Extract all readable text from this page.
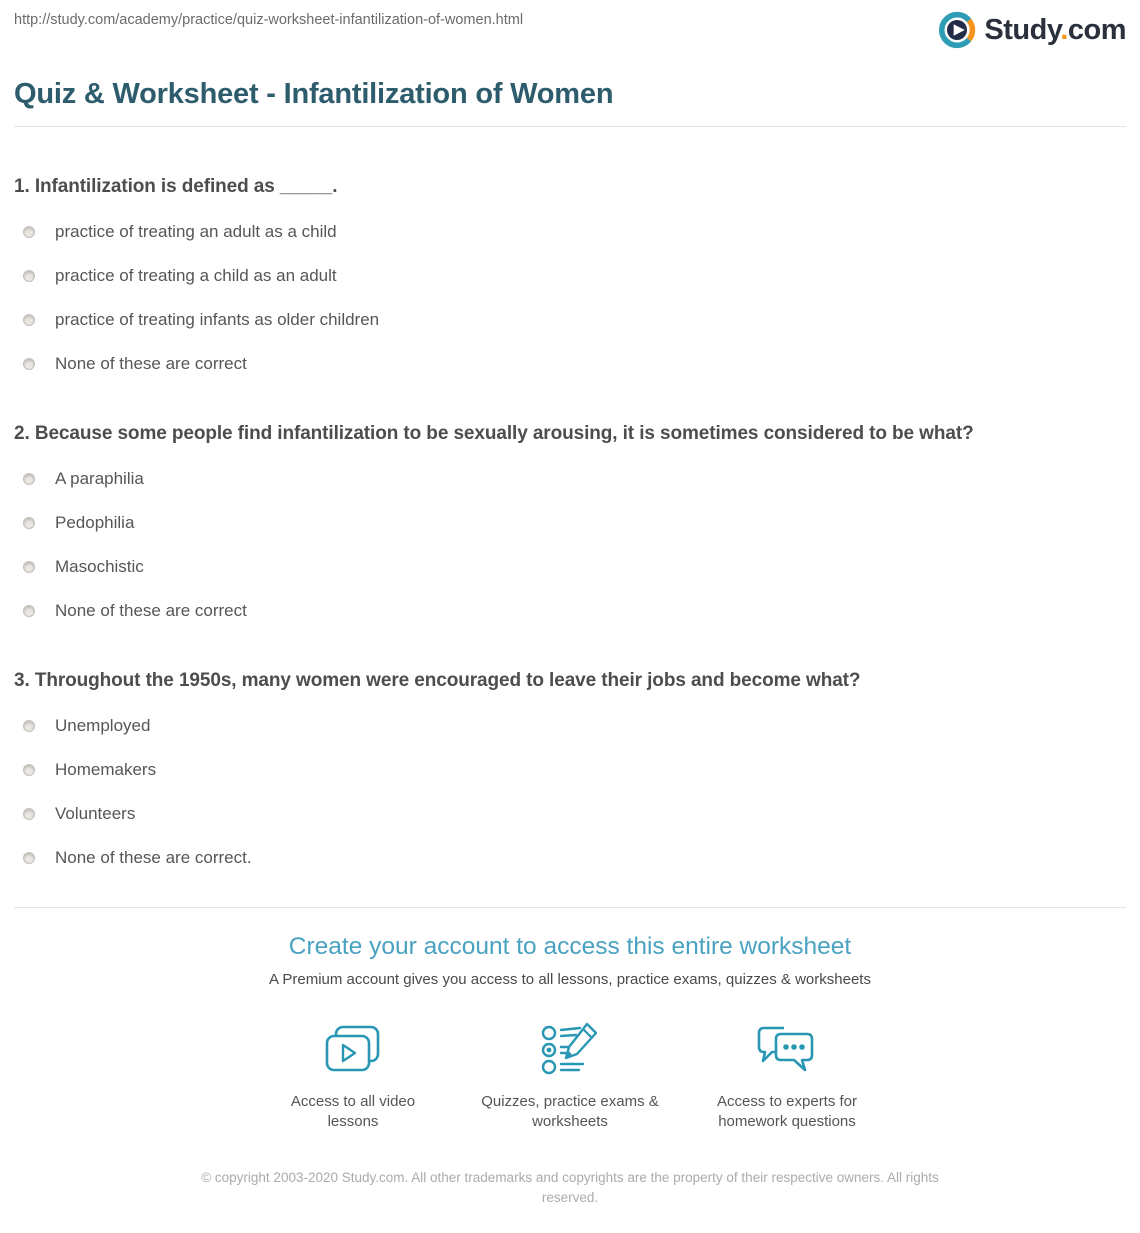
http://study.com/academy/practice/quiz-worksheet-infantilization-of-women.html	Study.com
Quiz & Worksheet - Infantilization of Women

1. Infantilization is defined as _____.

practice of treating an adult as a child
practice of treating a child as an adult
practice of treating infants as older children
None of these are correct

2. Because some people find infantilization to be sexually arousing, it is sometimes considered to be what?

A paraphilia
Pedophilia
Masochistic
None of these are correct

3. Throughout the 1950s, many women were encouraged to leave their jobs and become what?

Unemployed
Homemakers
Volunteers
None of these are correct.
Create your account to access this entire worksheet

A Premium account gives you access to all lessons, practice exams, quizzes & worksheets

Access to all video lessons

Quizzes, practice exams & worksheets

Access to experts for homework questions

© copyright 2003-2020 Study.com. All other trademarks and copyrights are the property of their respective owners. All rights reserved.
